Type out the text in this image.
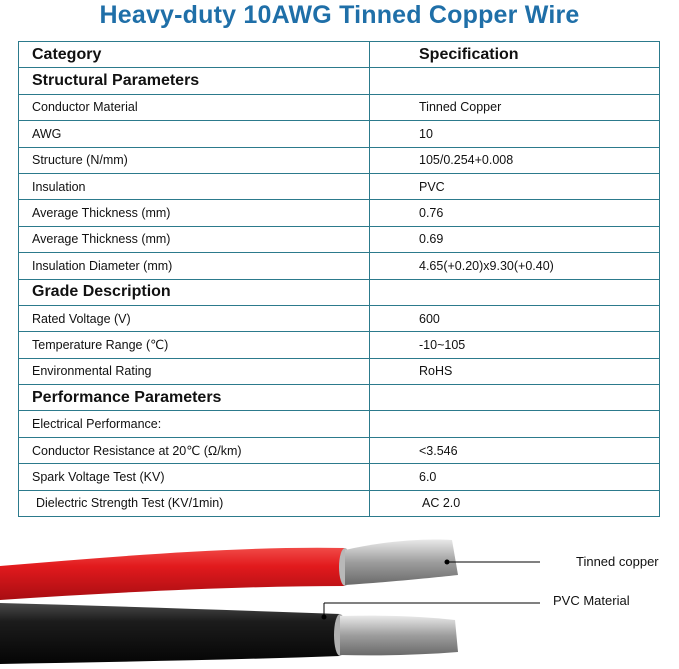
Heavy-duty 10AWG Tinned Copper Wire
Category	Specification
Structural Parameters	
Conductor Material	Tinned Copper
AWG	10
Structure (N/mm)	105/0.254+0.008
Insulation	PVC
Average Thickness (mm)	0.76
Average Thickness (mm)	0.69
Insulation Diameter (mm)	4.65(+0.20)x9.30(+0.40)
Grade Description	
Rated Voltage (V)	600
Temperature Range (℃)	-10~105
Environmental Rating	RoHS
Performance Parameters	
Electrical Performance:	
Conductor Resistance at 20℃ (Ω/km)	<3.546
Spark Voltage Test (KV)	6.0
Dielectric Strength Test (KV/1min)	AC 2.0
Tinned copper
PVC Material
